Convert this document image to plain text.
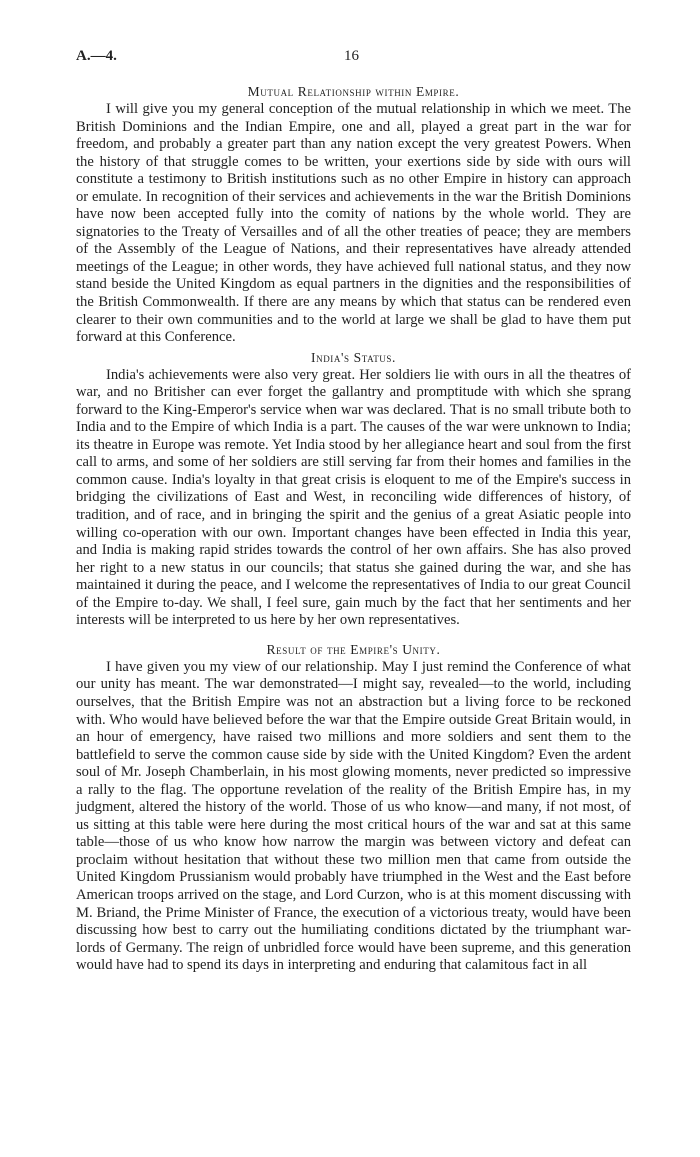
A.—4.	16
Mutual Relationship within Empire.

I will give you my general conception of the mutual relationship in which we meet. The British Dominions and the Indian Empire, one and all, played a great part in the war for freedom, and probably a greater part than any nation except the very greatest Powers. When the history of that struggle comes to be written, your exertions side by side with ours will constitute a testimony to British institutions such as no other Empire in history can approach or emulate. In recognition of their services and achievements in the war the British Dominions have now been accepted fully into the comity of nations by the whole world. They are signatories to the Treaty of Versailles and of all the other treaties of peace; they are members of the Assembly of the League of Nations, and their representatives have already attended meetings of the League; in other words, they have achieved full national status, and they now stand beside the United Kingdom as equal partners in the dignities and the responsibilities of the British Commonwealth. If there are any means by which that status can be rendered even clearer to their own communities and to the world at large we shall be glad to have them put forward at this Conference.

India's Status.

India's achievements were also very great. Her soldiers lie with ours in all the theatres of war, and no Britisher can ever forget the gallantry and promptitude with which she sprang forward to the King-Emperor's service when war was declared. That is no small tribute both to India and to the Empire of which India is a part. The causes of the war were unknown to India; its theatre in Europe was remote. Yet India stood by her allegiance heart and soul from the first call to arms, and some of her soldiers are still serving far from their homes and families in the common cause. India's loyalty in that great crisis is eloquent to me of the Empire's success in bridging the civilizations of East and West, in reconciling wide differences of history, of tradition, and of race, and in bringing the spirit and the genius of a great Asiatic people into willing co-operation with our own. Important changes have been effected in India this year, and India is making rapid strides towards the control of her own affairs. She has also proved her right to a new status in our councils; that status she gained during the war, and she has maintained it during the peace, and I welcome the representatives of India to our great Council of the Empire to-day. We shall, I feel sure, gain much by the fact that her sentiments and her interests will be interpreted to us here by her own representatives.

Result of the Empire's Unity.

I have given you my view of our relationship. May I just remind the Conference of what our unity has meant. The war demonstrated—I might say, revealed—to the world, including ourselves, that the British Empire was not an abstraction but a living force to be reckoned with. Who would have believed before the war that the Empire outside Great Britain would, in an hour of emergency, have raised two millions and more soldiers and sent them to the battlefield to serve the common cause side by side with the United Kingdom? Even the ardent soul of Mr. Joseph Chamberlain, in his most glowing moments, never predicted so impressive a rally to the flag. The opportune revelation of the reality of the British Empire has, in my judgment, altered the history of the world. Those of us who know—and many, if not most, of us sitting at this table were here during the most critical hours of the war and sat at this same table—those of us who know how narrow the margin was between victory and defeat can proclaim without hesitation that without these two million men that came from outside the United Kingdom Prussianism would probably have triumphed in the West and the East before American troops arrived on the stage, and Lord Curzon, who is at this moment discussing with M. Briand, the Prime Minister of France, the execution of a victorious treaty, would have been discussing how best to carry out the humiliating conditions dictated by the triumphant war-lords of Germany. The reign of unbridled force would have been supreme, and this generation would have had to spend its days in interpreting and enduring that calamitous fact in all
